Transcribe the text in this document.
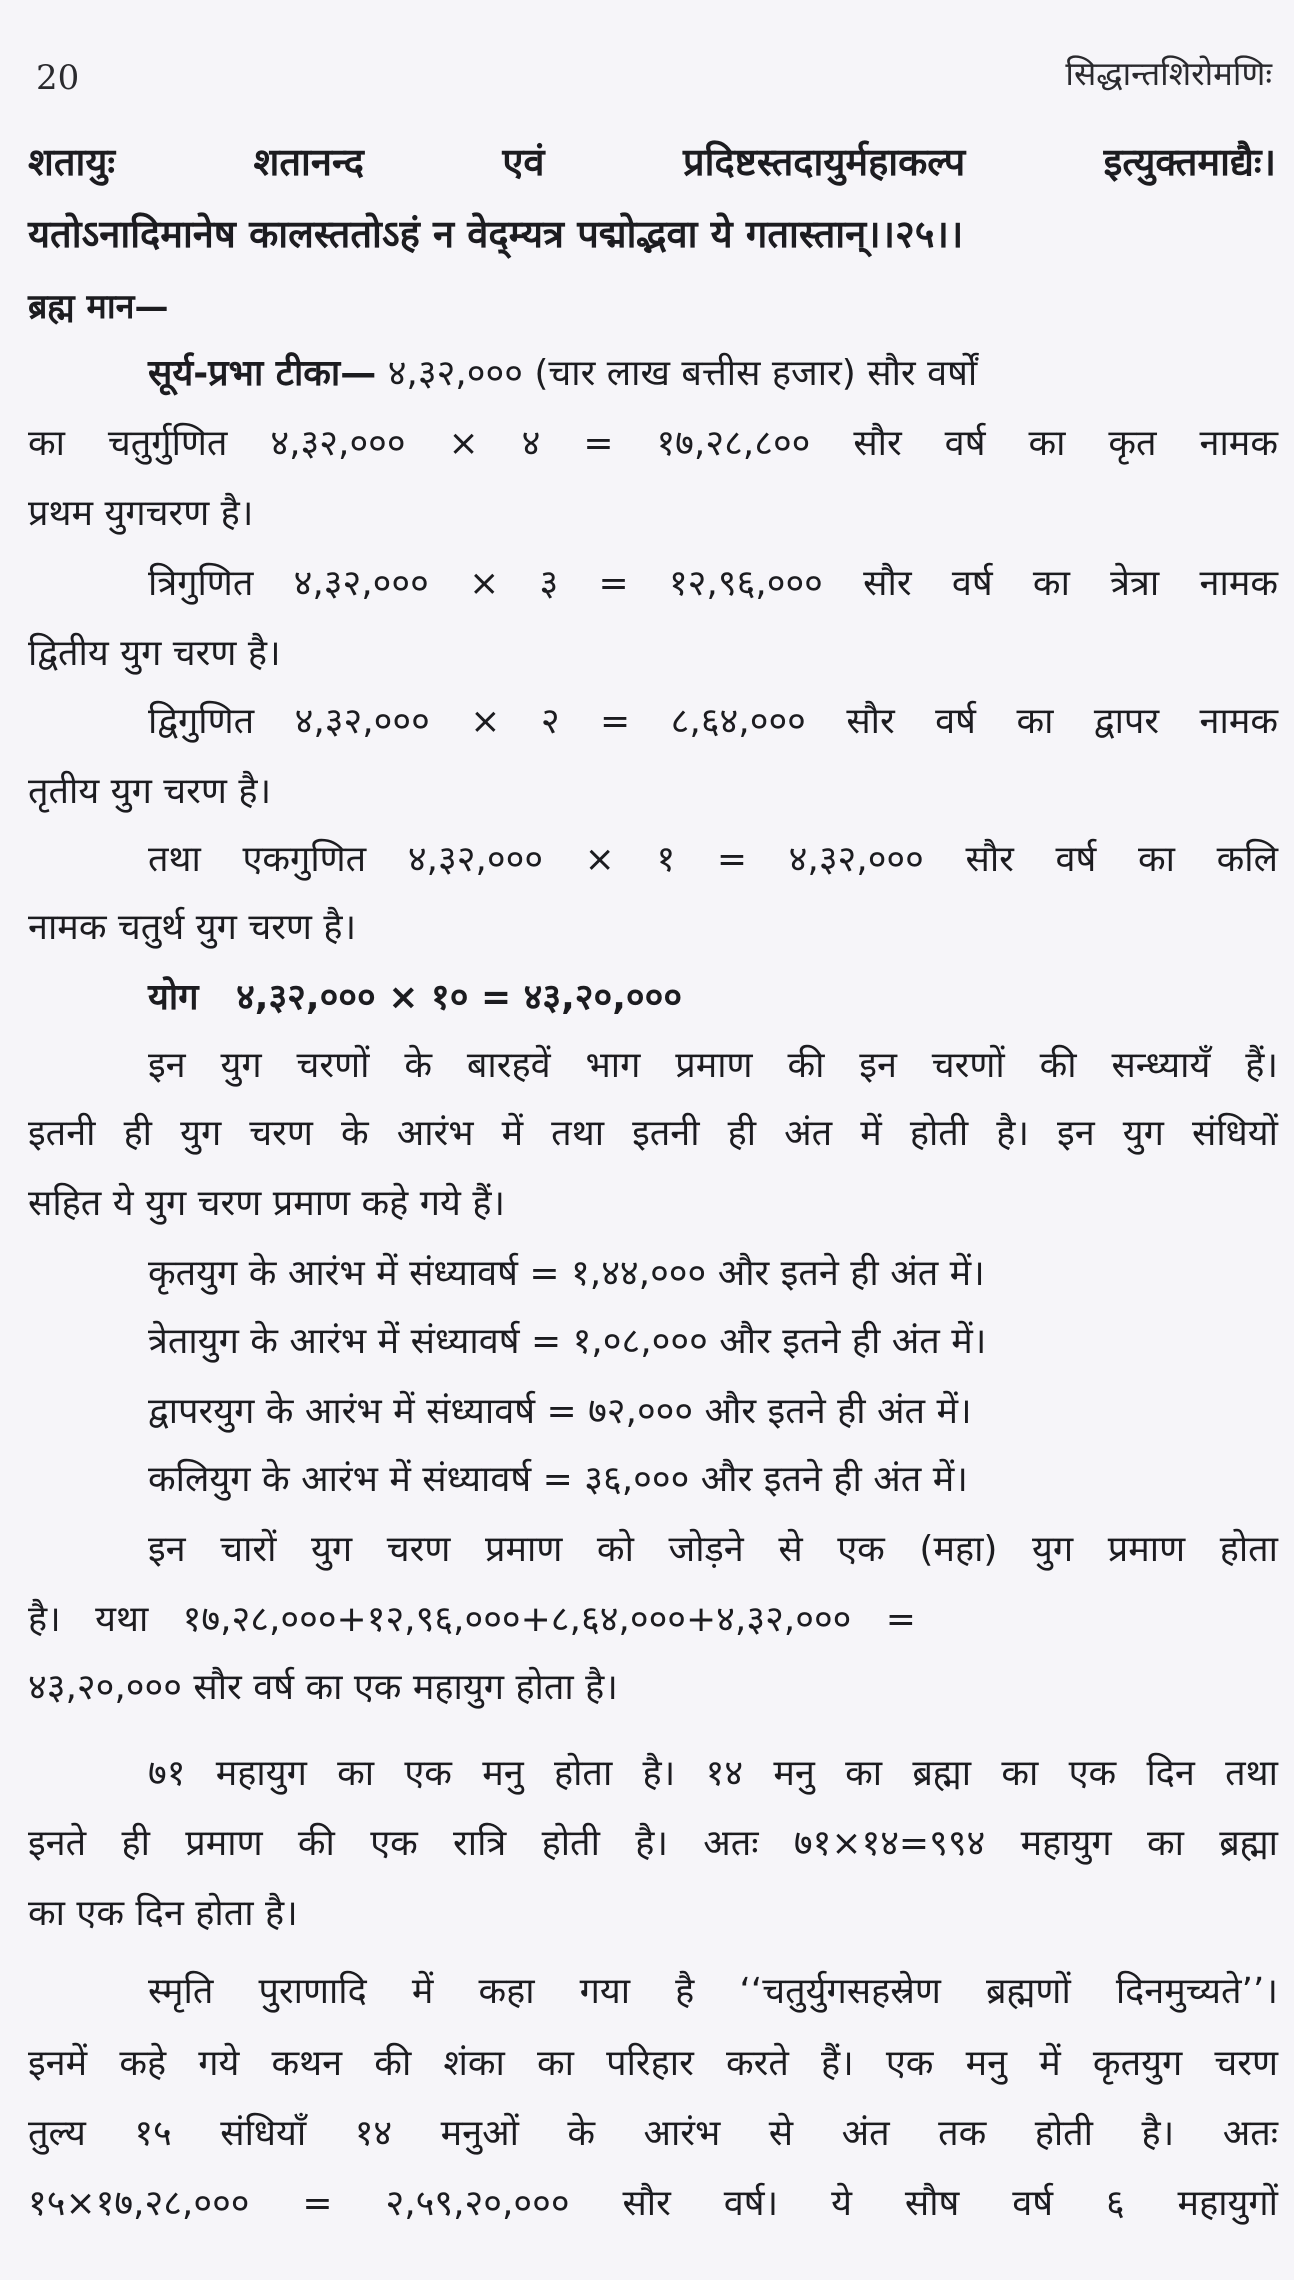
20	सिद्धान्तशिरोमणिः
शतायुः शतानन्द एवं प्रदिष्टस्तदायुर्महाकल्प इत्युक्तमाद्यैः।
यतोऽनादिमानेष कालस्ततोऽहं न वेद्म्यत्र पद्मोद्भवा ये गतास्तान्।।२५।।
ब्रह्म मान—
सूर्य-प्रभा टीका— ४,३२,००० (चार लाख बत्तीस हजार) सौर वर्षों
का चतुर्गुणित ४,३२,००० × ४ = १७,२८,८०० सौर वर्ष का कृत नामक
प्रथम युगचरण है।
त्रिगुणित ४,३२,००० × ३ = १२,९६,००० सौर वर्ष का त्रेत्रा नामक
द्वितीय युग चरण है।
द्विगुणित ४,३२,००० × २ = ८,६४,००० सौर वर्ष का द्वापर नामक
तृतीय युग चरण है।
तथा एकगुणित ४,३२,००० × १ = ४,३२,००० सौर वर्ष का कलि
नामक चतुर्थ युग चरण है।
योग   ४,३२,००० × १० = ४३,२०,०००
इन युग चरणों के बारहवें भाग प्रमाण की इन चरणों की सन्ध्यायँ हैं।
इतनी ही युग चरण के आरंभ में तथा इतनी ही अंत में होती है। इन युग संधियों
सहित ये युग चरण प्रमाण कहे गये हैं।
कृतयुग के आरंभ में संध्यावर्ष = १,४४,००० और इतने ही अंत में।
त्रेतायुग के आरंभ में संध्यावर्ष = १,०८,००० और इतने ही अंत में।
द्वापरयुग के आरंभ में संध्यावर्ष = ७२,००० और इतने ही अंत में।
कलियुग के आरंभ में संध्यावर्ष = ३६,००० और इतने ही अंत में।
इन चारों युग चरण प्रमाण को जोड़ने से एक (महा) युग प्रमाण होता
है।   यथा   १७,२८,०००+१२,९६,०००+८,६४,०००+४,३२,०००   =
४३,२०,००० सौर वर्ष का एक महायुग होता है।
७१ महायुग का एक मनु होता है। १४ मनु का ब्रह्मा का एक दिन तथा
इनते ही प्रमाण की एक रात्रि होती है। अतः ७१×१४=९९४ महायुग का ब्रह्मा
का एक दिन होता है।
स्मृति पुराणादि में कहा गया है ‘‘चतुर्युगसहस्रेण ब्रह्मणों दिनमुच्यते’’।
इनमें कहे गये कथन की शंका का परिहार करते हैं। एक मनु में कृतयुग चरण
तुल्य १५ संधियाँ १४ मनुओं के आरंभ से अंत तक होती है। अतः
१५×१७,२८,००० = २,५९,२०,००० सौर वर्ष। ये सौष वर्ष ६ महायुगों
